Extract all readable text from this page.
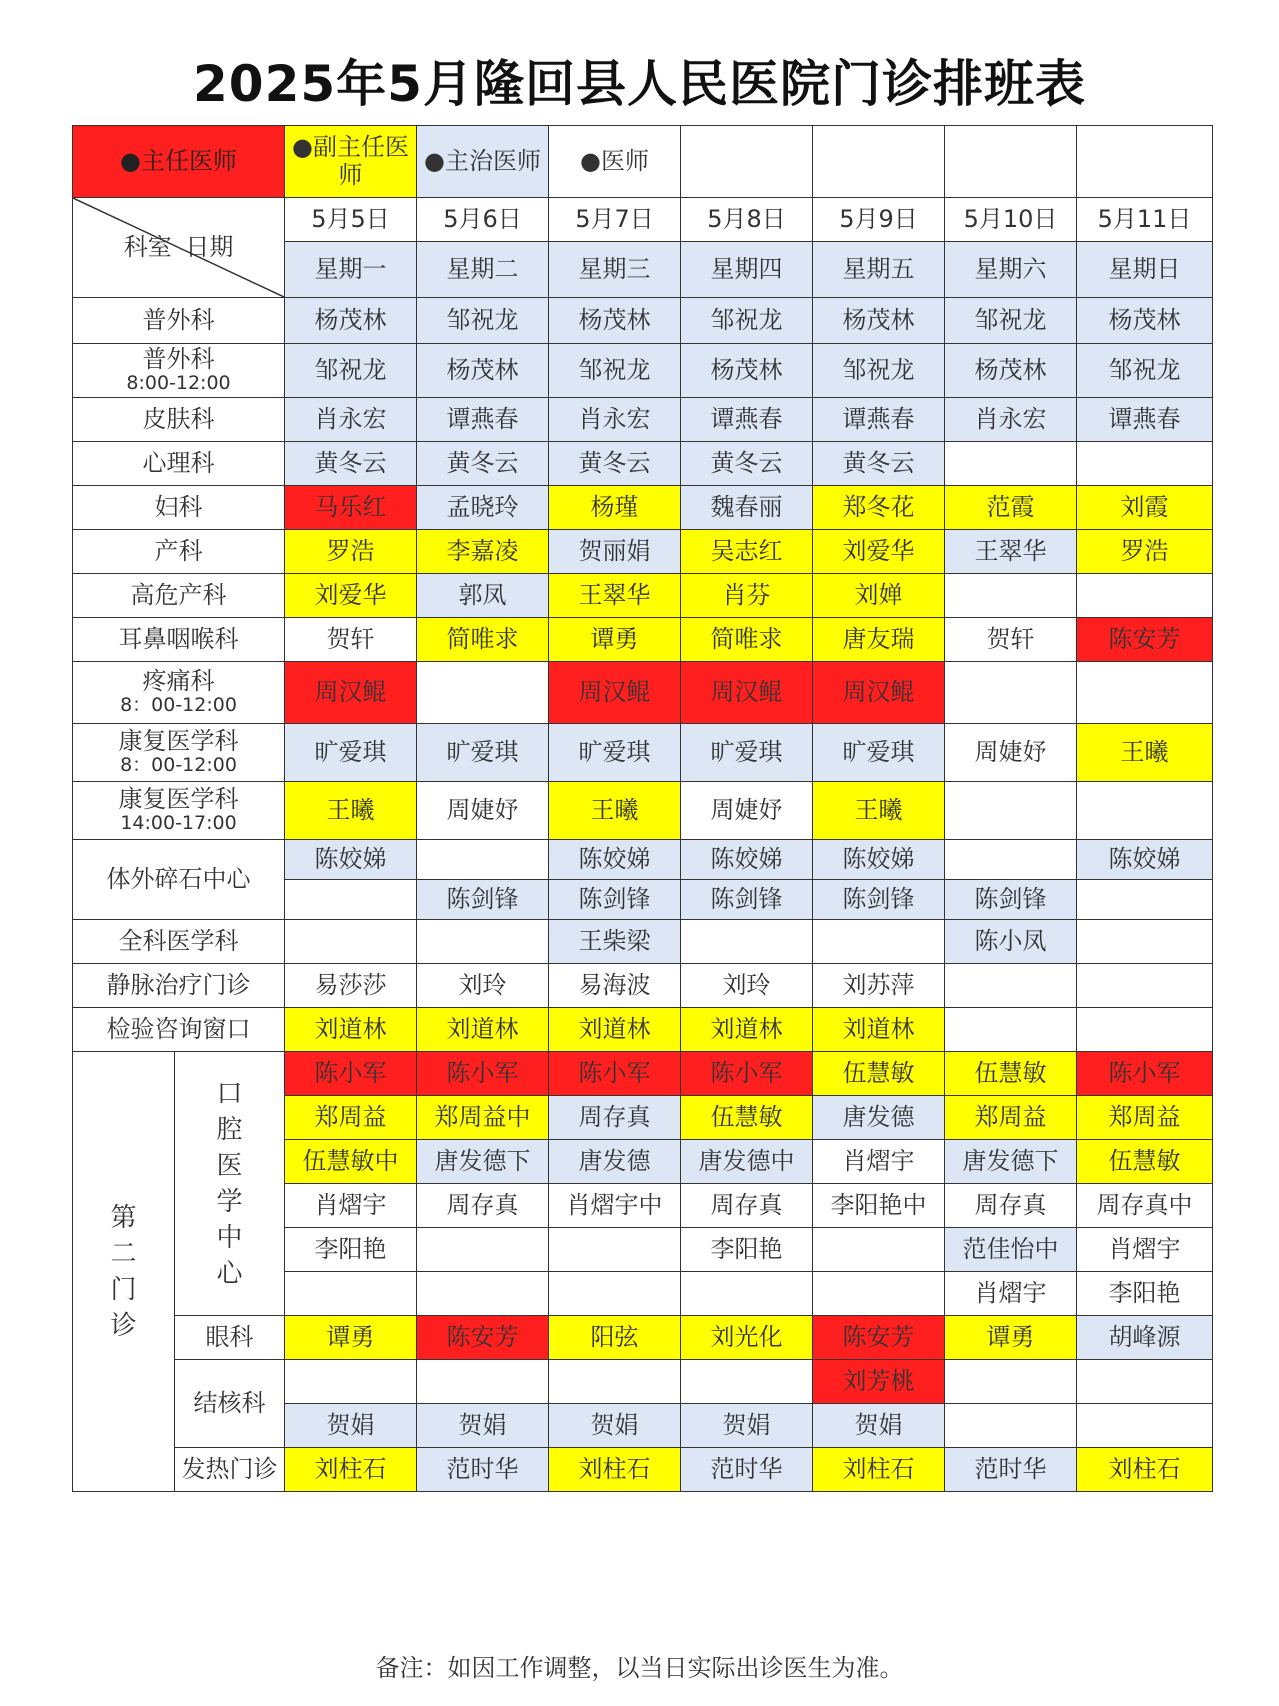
2025年5月隆回县人民医院门诊排班表
●主任医师		●副主任医师	●主治医师	●医师				

科室 日期		5月5日	5月6日	5月7日	5月8日	5月9日	5月10日	5月11日
		星期一	星期二	星期三	星期四	星期五	星期六	星期日
普外科		杨茂林	邹祝龙	杨茂林	邹祝龙	杨茂林	邹祝龙	杨茂林
普外科
8:00-12:00		邹祝龙	杨茂林	邹祝龙	杨茂林	邹祝龙	杨茂林	邹祝龙
皮肤科		肖永宏	谭燕春	肖永宏	谭燕春	谭燕春	肖永宏	谭燕春
心理科		黄冬云	黄冬云	黄冬云	黄冬云	黄冬云		
妇科		马乐红	孟晓玲	杨瑾	魏春丽	郑冬花	范霞	刘霞
产科		罗浩	李嘉凌	贺丽娟	吴志红	刘爱华	王翠华	罗浩
高危产科		刘爱华	郭凤	王翠华	肖芬	刘婵		
耳鼻咽喉科		贺轩	简唯求	谭勇	简唯求	唐友瑞	贺轩	陈安芳
疼痛科
8：00-12:00		周汉鲲		周汉鲲	周汉鲲	周汉鲲		
康复医学科
8：00-12:00		旷爱琪	旷爱琪	旷爱琪	旷爱琪	旷爱琪	周婕妤	王曦
康复医学科
14:00-17:00		王曦	周婕妤	王曦	周婕妤	王曦		
体外碎石中心		陈姣娣		陈姣娣	陈姣娣	陈姣娣		陈姣娣
			陈剑锋	陈剑锋	陈剑锋	陈剑锋	陈剑锋	
全科医学科				王柴梁			陈小凤	
静脉治疗门诊		易莎莎	刘玲	易海波	刘玲	刘苏萍		
检验咨询窗口		刘道林	刘道林	刘道林	刘道林	刘道林		
第二门诊	口腔医学中心	陈小军	陈小军	陈小军	陈小军	伍慧敏	伍慧敏	陈小军
		郑周益	郑周益中	周存真	伍慧敏	唐发德	郑周益	郑周益
		伍慧敏中	唐发德下	唐发德	唐发德中	肖熠宇	唐发德下	伍慧敏
		肖熠宇	周存真	肖熠宇中	周存真	李阳艳中	周存真	周存真中
		李阳艳			李阳艳		范佳怡中	肖熠宇
							肖熠宇	李阳艳
	眼科	谭勇	陈安芳	阳弦	刘光化	陈安芳	谭勇	胡峰源
	结核科					刘芳桃		
		贺娟	贺娟	贺娟	贺娟	贺娟		
	发热门诊	刘柱石	范时华	刘柱石	范时华	刘柱石	范时华	刘柱石
备注：如因工作调整，以当日实际出诊医生为准。
